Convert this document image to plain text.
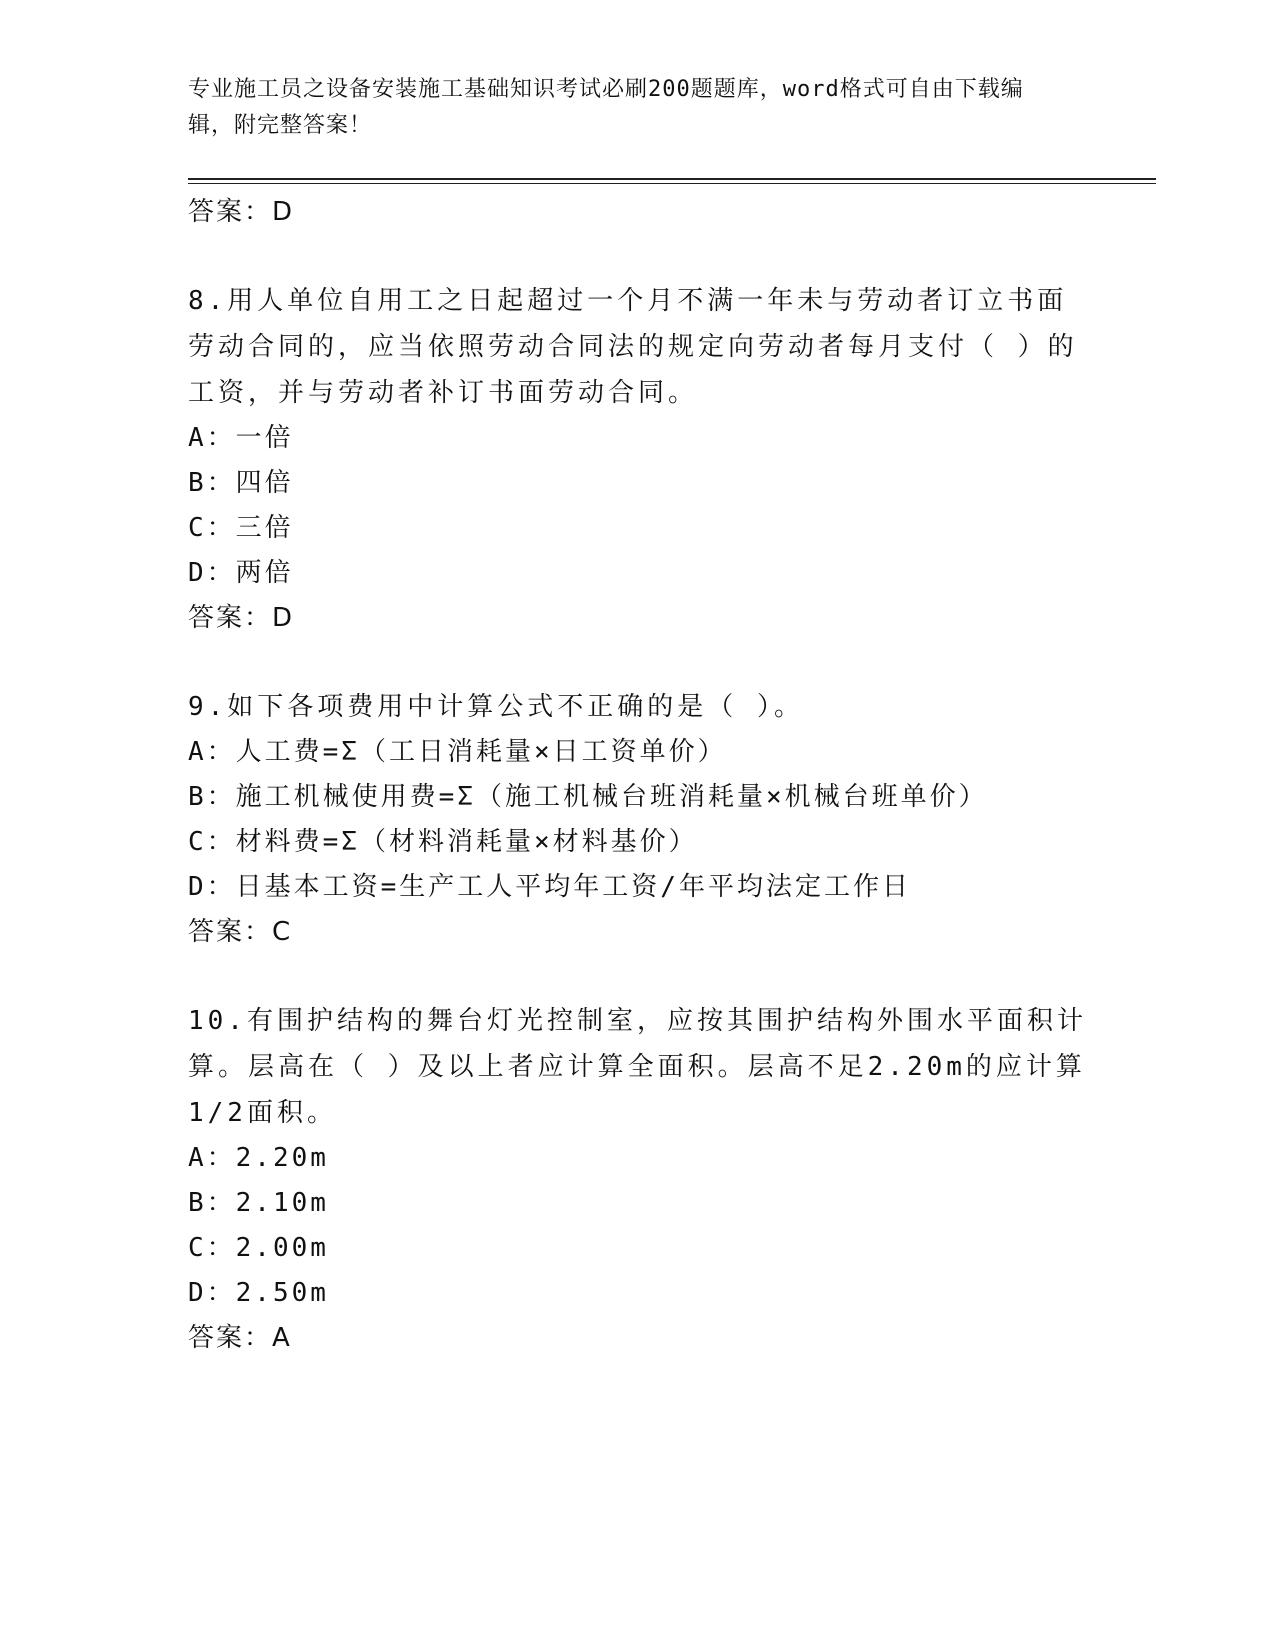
专业施工员之设备安装施工基础知识考试必刷200题题库，word格式可自由下载编辑，附完整答案！
答案：D
8.用人单位自用工之日起超过一个月不满一年未与劳动者订立书面劳动合同的，应当依照劳动合同法的规定向劳动者每月支付（ ）的工资，并与劳动者补订书面劳动合同。
A：一倍
B：四倍
C：三倍
D：两倍
答案：D
9.如下各项费用中计算公式不正确的是（ ）。
A：人工费=Σ（工日消耗量×日工资单价）
B：施工机械使用费=Σ（施工机械台班消耗量×机械台班单价）
C：材料费=Σ（材料消耗量×材料基价）
D：日基本工资=生产工人平均年工资/年平均法定工作日
答案：C
10.有围护结构的舞台灯光控制室，应按其围护结构外围水平面积计算。层高在（ ）及以上者应计算全面积。层高不足2.20m的应计算1/2面积。
A：2.20m
B：2.10m
C：2.00m
D：2.50m
答案：A
